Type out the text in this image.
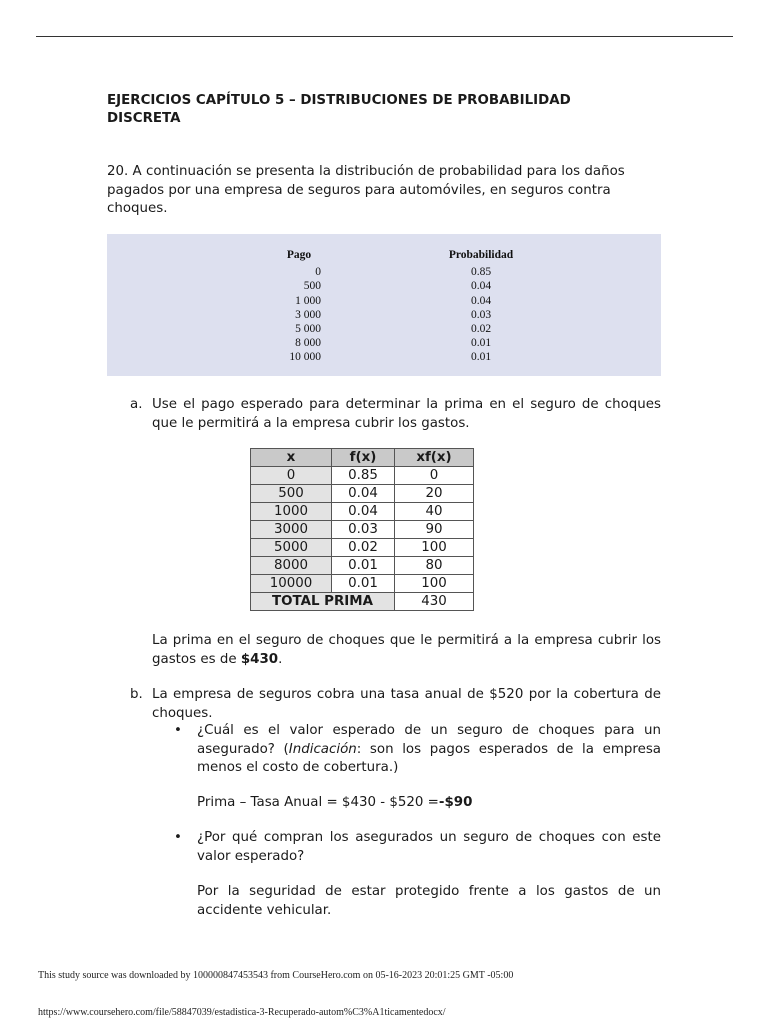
EJERCICIOS CAPÍTULO 5 – DISTRIBUCIONES DE PROBABILIDAD DISCRETA

20. A continuación se presenta la distribución de probabilidad para los daños pagados por una empresa de seguros para automóviles, en seguros contra choques.

Pago		Probabilidad
0		0.85
500		0.04
1 000		0.04
3 000		0.03
5 000		0.02
8 000		0.01
10 000		0.01
a. Use el pago esperado para determinar la prima en el seguro de choques que le permitirá a la empresa cubrir los gastos.
x	f(x)	xf(x)
0	0.85	0
500	0.04	20
1000	0.04	40
3000	0.03	90
5000	0.02	100
8000	0.01	80
10000	0.01	100
TOTAL PRIMA		430

La prima en el seguro de choques que le permitirá a la empresa cubrir los gastos es de $430.

b. La empresa de seguros cobra una tasa anual de $520 por la cobertura de choques.
• ¿Cuál es el valor esperado de un seguro de choques para un asegurado? (Indicación: son los pagos esperados de la empresa menos el costo de cobertura.)

Prima – Tasa Anual = $430 - $520 =-$90

• ¿Por qué compran los asegurados un seguro de choques con este valor esperado?

Por la seguridad de estar protegido frente a los gastos de un accidente vehicular.

This study source was downloaded by 100000847453543 from CourseHero.com on 05-16-2023 20:01:25 GMT -05:00
https://www.coursehero.com/file/58847039/estadistica-3-Recuperado-autom%C3%A1ticamentedocx/
